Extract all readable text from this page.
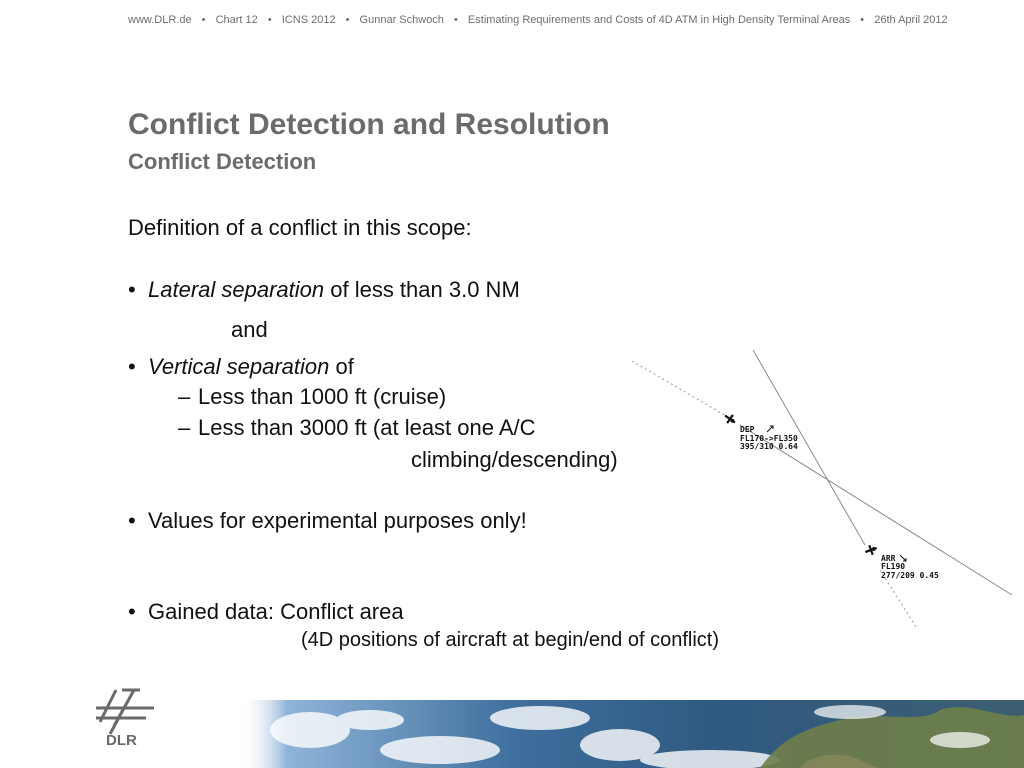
www.DLR.de • Chart 12 • ICNS 2012 • Gunnar Schwoch • Estimating Requirements and Costs of 4D ATM in High Density Terminal Areas • 26th April 2012
Conflict Detection and Resolution
Conflict Detection
Definition of a conflict in this scope:
• Lateral separation of less than 3.0 NM
and
• Vertical separation of
– Less than 1000 ft (cruise)
– Less than 3000 ft (at least one A/C
climbing/descending)
• Values for experimental purposes only!
• Gained data: Conflict area
(4D positions of aircraft at begin/end of conflict)
DEP
FL170->FL350
395/310 0.64
ARR
FL190
277/209 0.45
DLR
